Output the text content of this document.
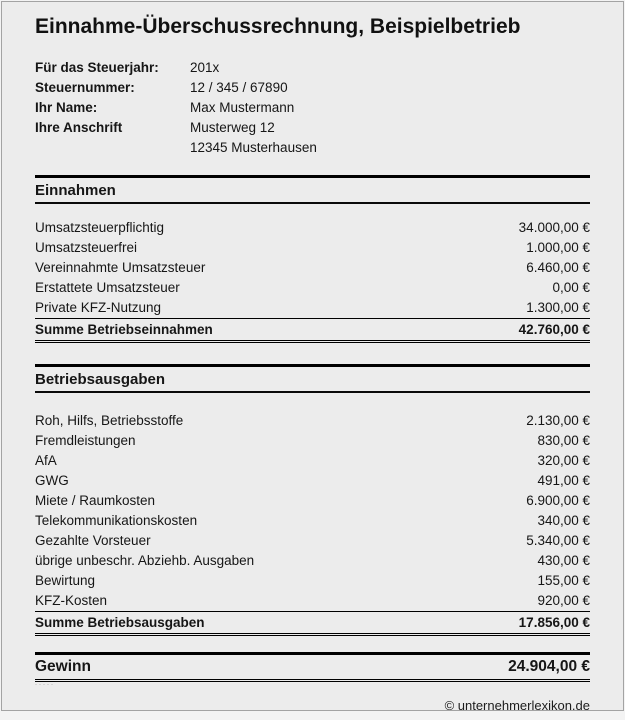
Einnahme-Überschussrechnung, Beispielbetrieb
Für das Steuerjahr:	201x
Steuernummer:	12 / 345 / 67890
Ihr Name:	Max Mustermann
Ihre Anschrift	Musterweg 12
12345 Musterhausen
Einnahmen
Umsatzsteuerpflichtig	34.000,00 €
Umsatzsteuerfrei	1.000,00 €
Vereinnahmte Umsatzsteuer	6.460,00 €
Erstattete Umsatzsteuer	0,00 €
Private KFZ-Nutzung	1.300,00 €
Summe Betriebseinnahmen	42.760,00 €
Betriebsausgaben
Roh, Hilfs, Betriebsstoffe	2.130,00 €
Fremdleistungen	830,00 €
AfA	320,00 €
GWG	491,00 €
Miete / Raumkosten	6.900,00 €
Telekommunikationskosten	340,00 €
Gezahlte Vorsteuer	5.340,00 €
übrige unbeschr. Abziehb. Ausgaben	430,00 €
Bewirtung	155,00 €
KFZ-Kosten	920,00 €
Summe Betriebsausgaben	17.856,00 €
Gewinn	24.904,00 €
·····
© unternehmerlexikon.de
